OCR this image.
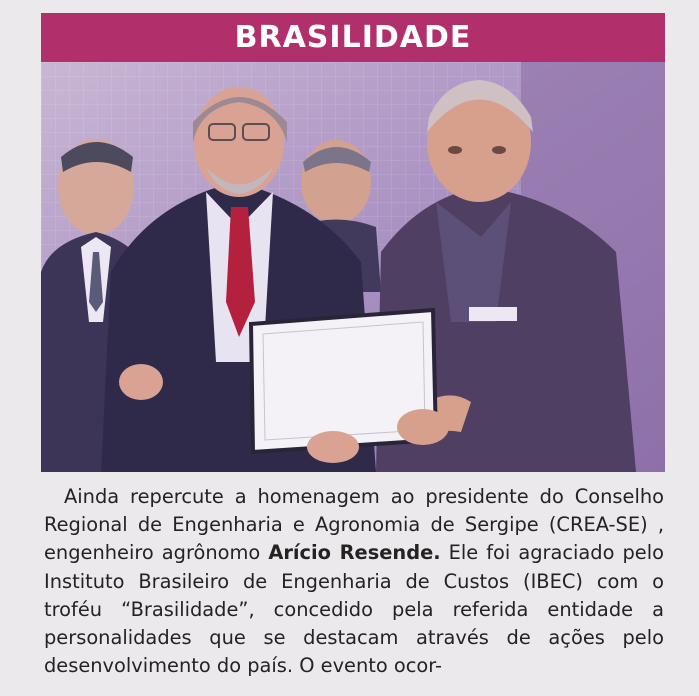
BRASILIDADE

Ainda repercute a homenagem ao presidente do Conselho Regional de Engenharia e Agronomia de Sergipe (CREA-SE) , engenheiro agrônomo Arício Resende. Ele foi agraciado pelo Instituto Brasileiro de Engenharia de Custos (IBEC) com o troféu “Brasilidade”, concedido pela referida entidade a personalidades que se destacam através de ações pelo desenvolvimento do país. O evento ocor-
